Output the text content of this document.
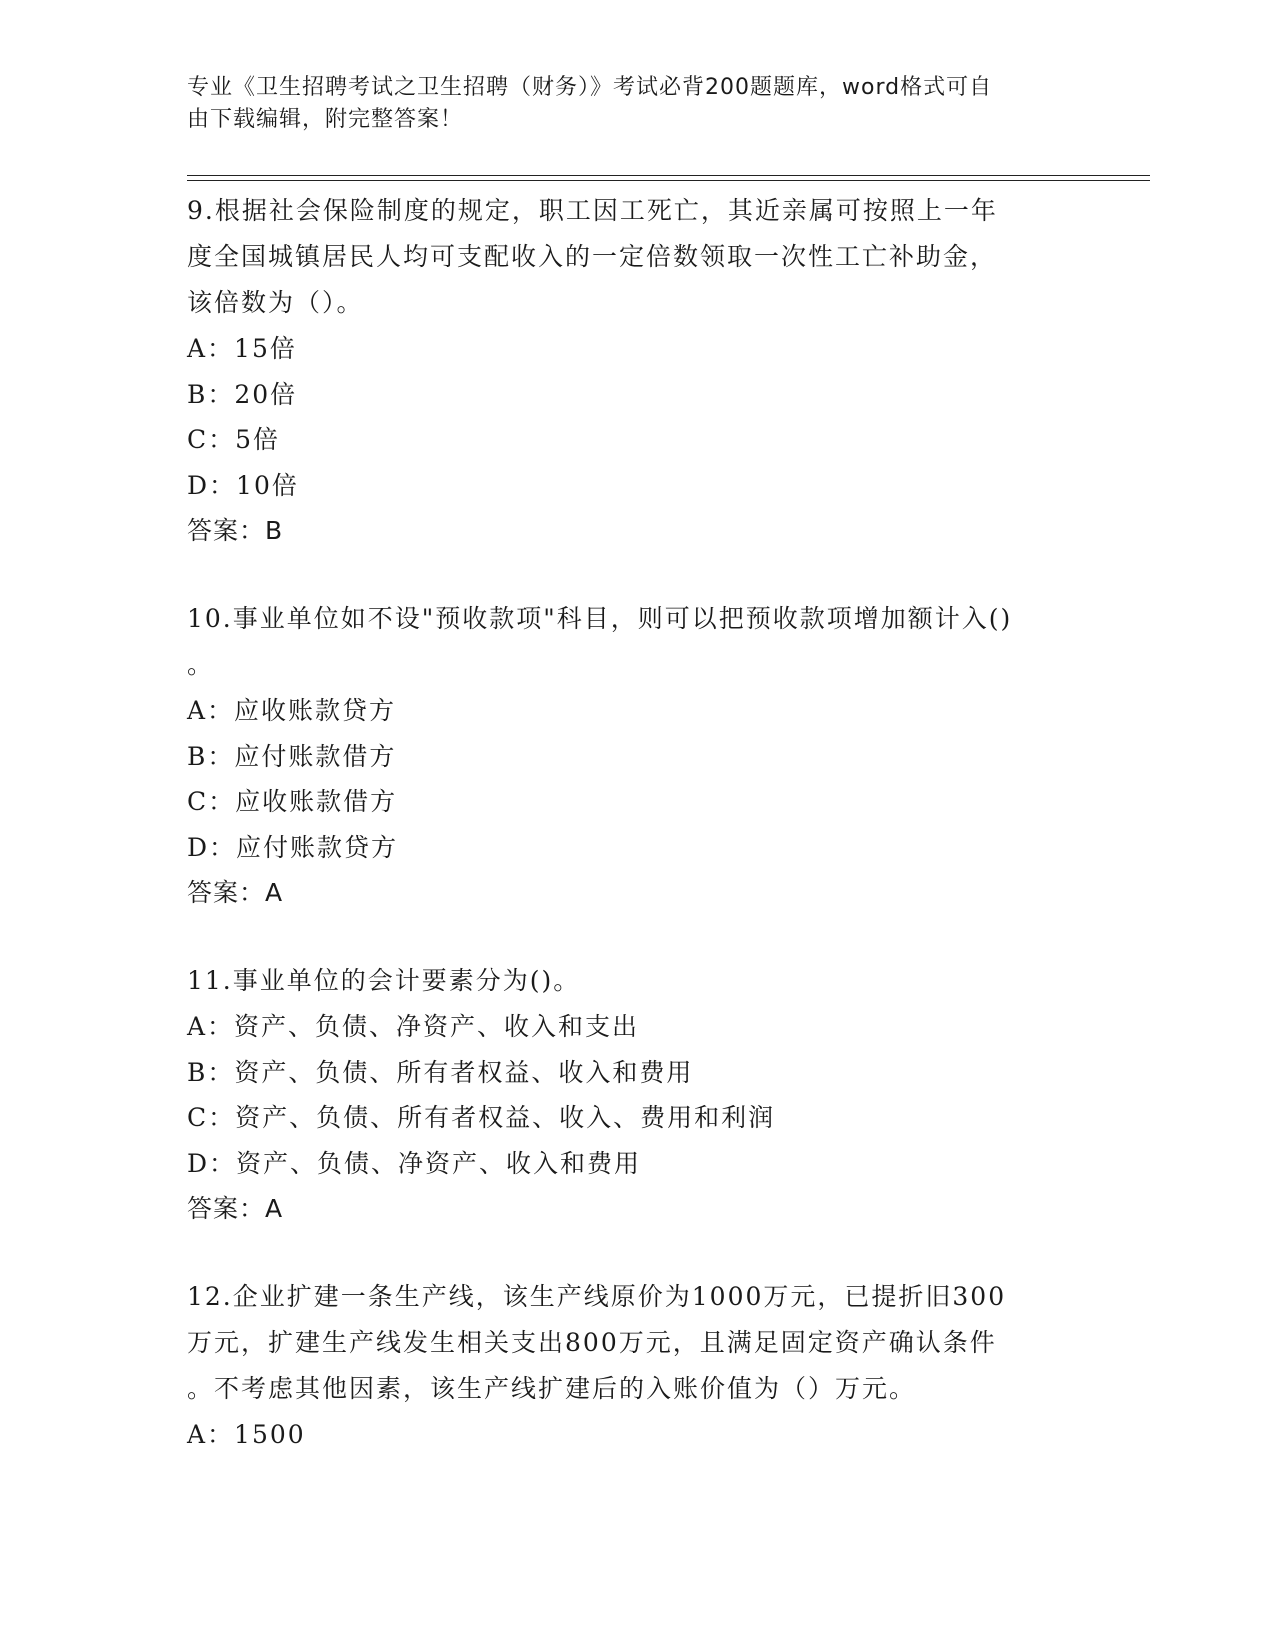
专业《卫生招聘考试之卫生招聘（财务）》考试必背200题题库，word格式可自
由下载编辑，附完整答案！
9.根据社会保险制度的规定，职工因工死亡，其近亲属可按照上一年
度全国城镇居民人均可支配收入的一定倍数领取一次性工亡补助金，
该倍数为（）。
A：15倍
B：20倍
C：5倍
D：10倍
答案：B
10.事业单位如不设"预收款项"科目，则可以把预收款项增加额计入()
。
A：应收账款贷方
B：应付账款借方
C：应收账款借方
D：应付账款贷方
答案：A
11.事业单位的会计要素分为()。
A：资产、负债、净资产、收入和支出
B：资产、负债、所有者权益、收入和费用
C：资产、负债、所有者权益、收入、费用和利润
D：资产、负债、净资产、收入和费用
答案：A
12.企业扩建一条生产线，该生产线原价为1000万元，已提折旧300
万元，扩建生产线发生相关支出800万元，且满足固定资产确认条件
。不考虑其他因素，该生产线扩建后的入账价值为（）万元。
A：1500
